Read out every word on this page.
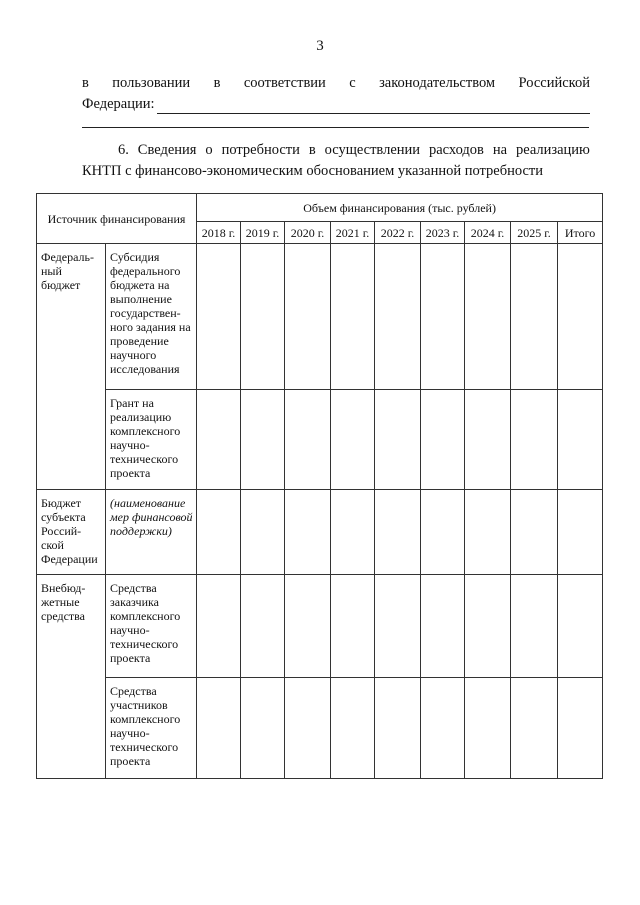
3
в пользовании в соответствии с законодательством Российской
Федерации:
6. Сведения о потребности в осуществлении расходов на реализацию
КНТП с финансово-экономическим обоснованием указанной потребности
Источник финансирования		Объем финансирования (тыс. рублей)								
		2018 г.	2019 г.	2020 г.	2021 г.	2022 г.	2023 г.	2024 г.	2025 г.	Итого
Федераль-ный бюджет	Субсидия федерального бюджета на выполнение государствен-ного задания на проведение научного исследования									
	Грант на реализацию комплексного научно-технического проекта									
Бюджет субъекта Россий-ской Федерации	(наименование мер финансовой поддержки)									
Внебюд-жетные средства	Средства заказчика комплексного научно-технического проекта									
	Средства участников комплексного научно-технического проекта									
